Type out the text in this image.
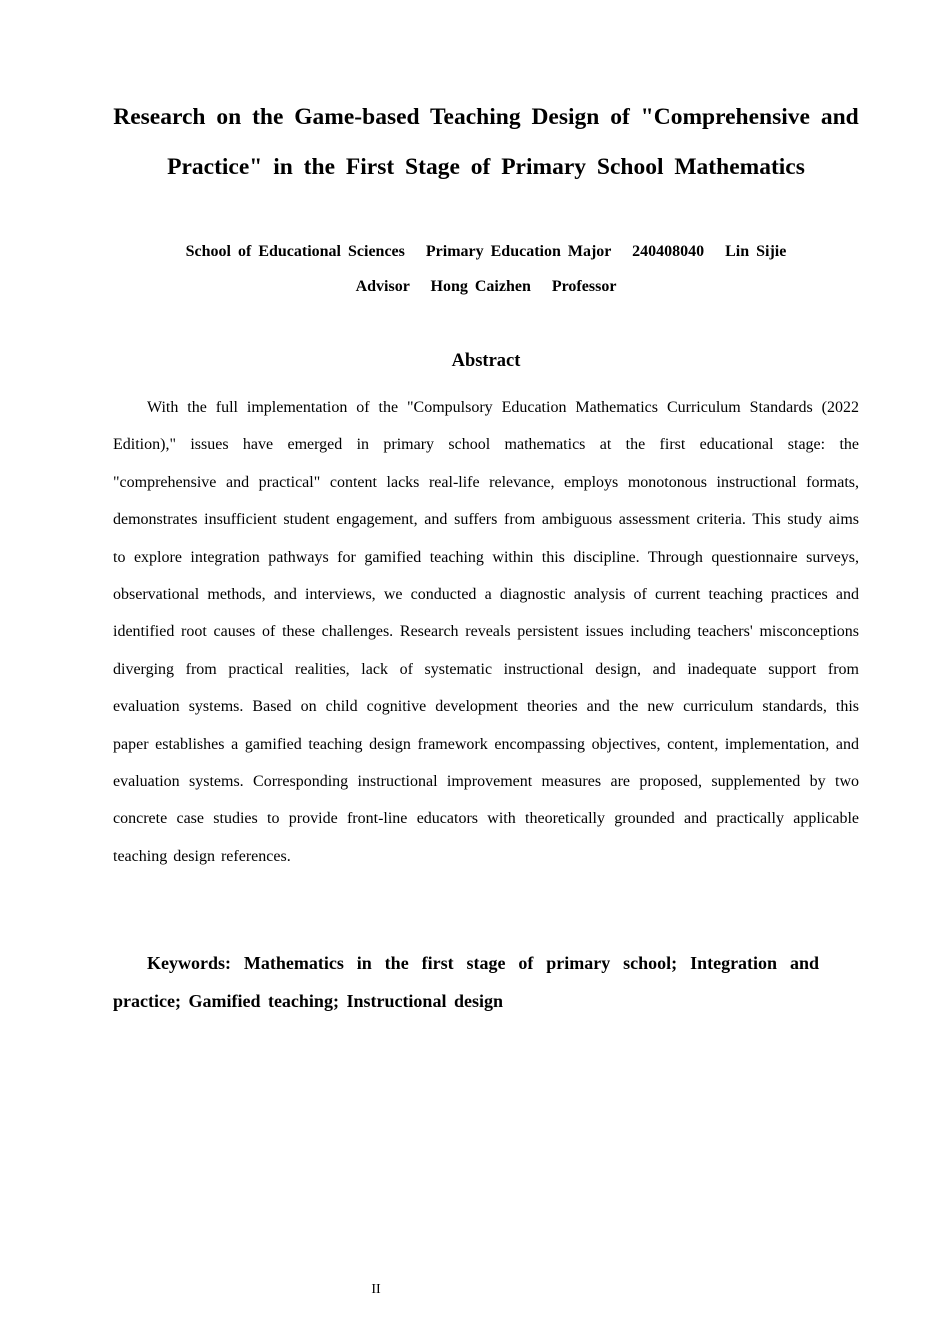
Research on the Game-based Teaching Design of "Comprehensive and Practice" in the First Stage of Primary School Mathematics

School of Educational Sciences   Primary Education Major   240408040   Lin Sijie

Advisor   Hong Caizhen   Professor

Abstract

With the full implementation of the "Compulsory Education Mathematics Curriculum Standards (2022 Edition)," issues have emerged in primary school mathematics at the first educational stage: the "comprehensive and practical" content lacks real-life relevance, employs monotonous instructional formats, demonstrates insufficient student engagement, and suffers from ambiguous assessment criteria. This study aims to explore integration pathways for gamified teaching within this discipline. Through questionnaire surveys, observational methods, and interviews, we conducted a diagnostic analysis of current teaching practices and identified root causes of these challenges. Research reveals persistent issues including teachers' misconceptions diverging from practical realities, lack of systematic instructional design, and inadequate support from evaluation systems. Based on child cognitive development theories and the new curriculum standards, this paper establishes a gamified teaching design framework encompassing objectives, content, implementation, and evaluation systems. Corresponding instructional improvement measures are proposed, supplemented by two concrete case studies to provide front-line educators with theoretically grounded and practically applicable teaching design references.

Keywords: Mathematics in the first stage of primary school; Integration and practice; Gamified teaching; Instructional design

II
